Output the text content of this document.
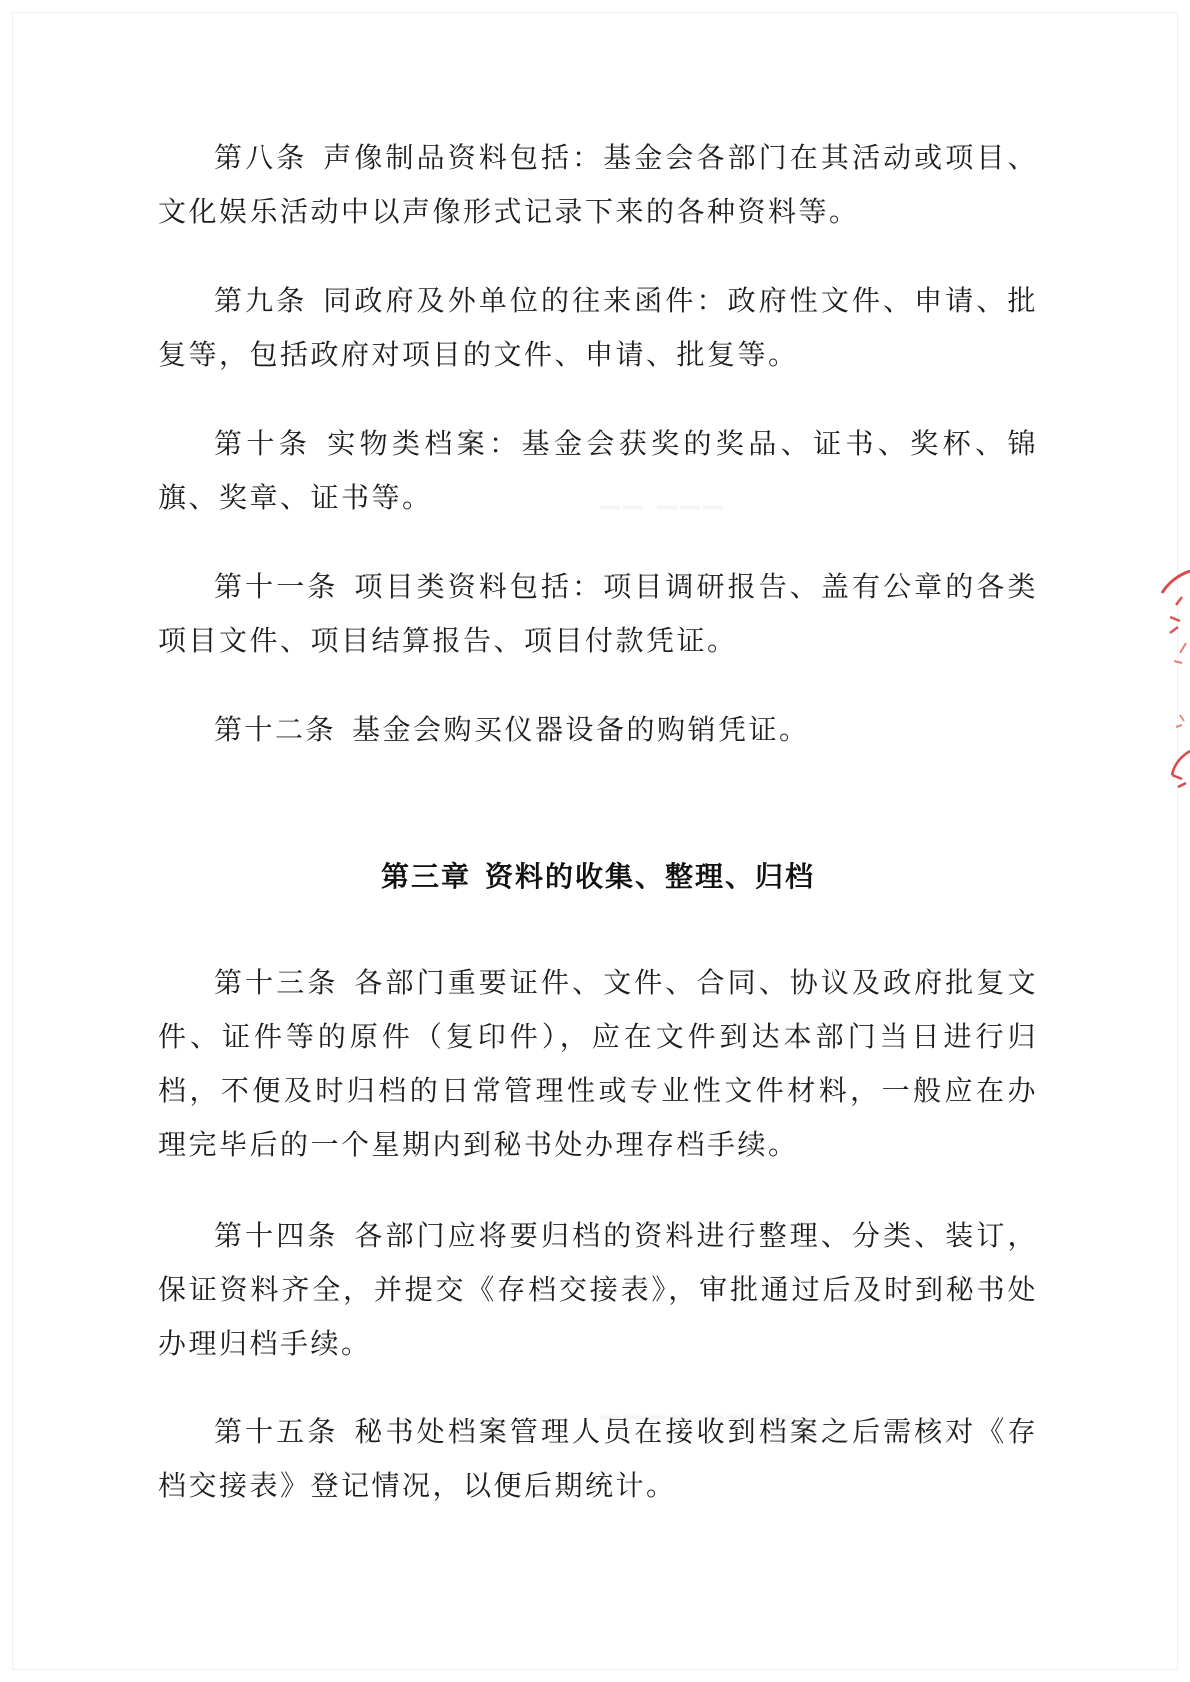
第八条 声像制品资料包括：基金会各部门在其活动或项目、文化娱乐活动中以声像形式记录下来的各种资料等。
第九条 同政府及外单位的往来函件：政府性文件、申请、批复等，包括政府对项目的文件、申请、批复等。
第十条 实物类档案：基金会获奖的奖品、证书、奖杯、锦旗、奖章、证书等。
第十一条 项目类资料包括：项目调研报告、盖有公章的各类项目文件、项目结算报告、项目付款凭证。
第十二条 基金会购买仪器设备的购销凭证。
第三章 资料的收集、整理、归档
第十三条 各部门重要证件、文件、合同、协议及政府批复文件、证件等的原件（复印件），应在文件到达本部门当日进行归档，不便及时归档的日常管理性或专业性文件材料，一般应在办理完毕后的一个星期内到秘书处办理存档手续。
第十四条 各部门应将要归档的资料进行整理、分类、装订，保证资料齐全，并提交《存档交接表》，审批通过后及时到秘书处办理归档手续。
第十五条 秘书处档案管理人员在接收到档案之后需核对《存档交接表》登记情况，以便后期统计。
